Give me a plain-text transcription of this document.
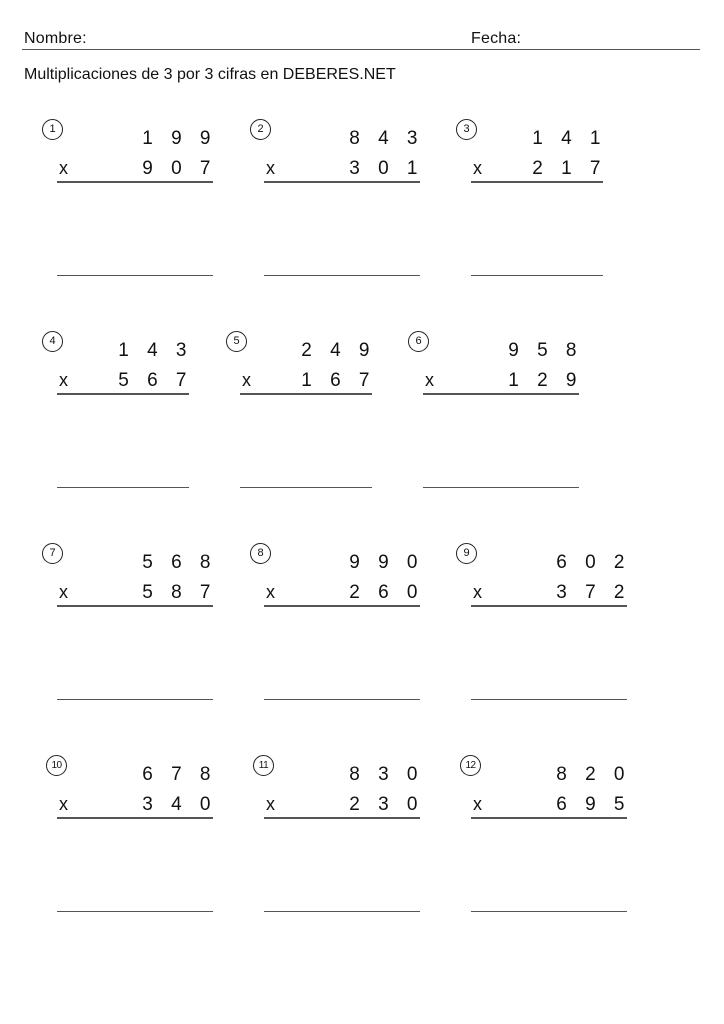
Nombre:	Fecha:
Multiplicaciones de 3 por 3 cifras en DEBERES.NET
1	1 9 9
x	9 0 7
2	8 4 3
x	3 0 1
3	1 4 1
x	2 1 7
4	1 4 3
x	5 6 7
5	2 4 9
x	1 6 7
6	9 5 8
x	1 2 9
7	5 6 8
x	5 8 7
8	9 9 0
x	2 6 0
9	6 0 2
x	3 7 2
10	6 7 8
x	3 4 0
11	8 3 0
x	2 3 0
12	8 2 0
x	6 9 5
